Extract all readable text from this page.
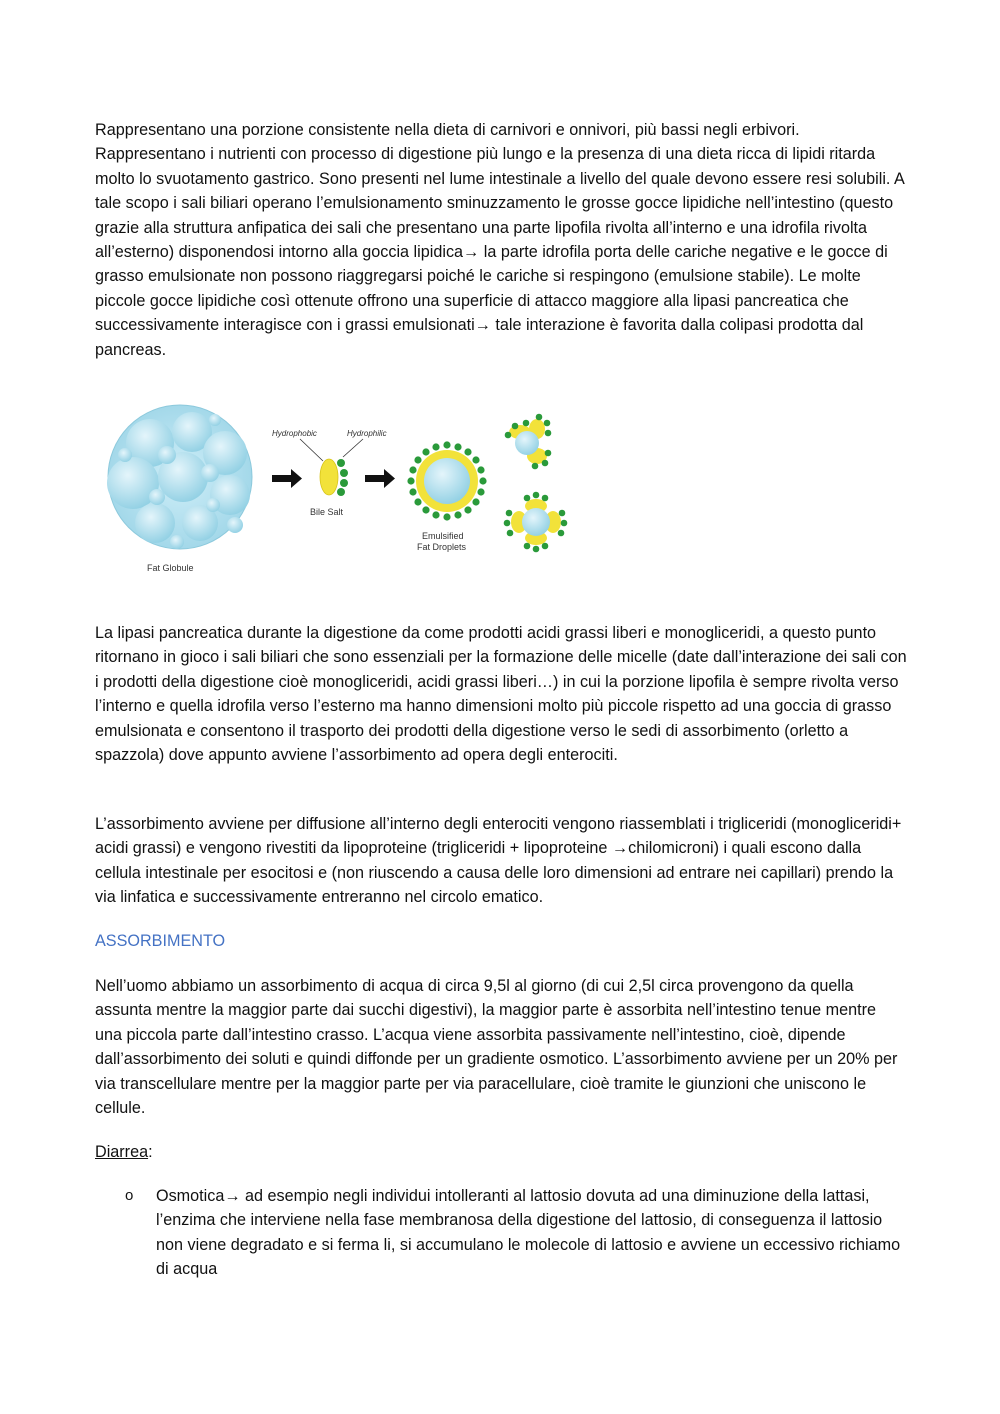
Rappresentano una porzione consistente nella dieta di carnivori e onnivori, più bassi negli erbivori. Rappresentano i nutrienti con processo di digestione più lungo e la presenza di una dieta ricca di lipidi ritarda molto lo svuotamento gastrico. Sono presenti nel lume intestinale a livello del quale devono essere resi solubili. A tale scopo i sali biliari operano l’emulsionamento sminuzzamento le grosse gocce lipidiche nell’intestino (questo grazie alla struttura anfipatica dei sali che presentano una parte lipofila rivolta all’interno e una idrofila rivolta all’esterno) disponendosi intorno alla goccia lipidica→ la parte idrofila porta delle cariche negative e le gocce di grasso emulsionate non possono riaggregarsi poiché le cariche si respingono (emulsione stabile). Le molte piccole gocce lipidiche così ottenute offrono una superficie di attacco maggiore alla lipasi pancreatica che successivamente interagisce con i grassi emulsionati→ tale interazione è favorita dalla colipasi prodotta dal pancreas.

Fat Globule
Hydrophobic	Hydrophilic
Bile Salt
Emulsified
Fat Droplets

La lipasi pancreatica durante la digestione da come prodotti acidi grassi liberi e monogliceridi, a questo punto ritornano in gioco i sali biliari che sono essenziali per la formazione delle micelle (date dall’interazione dei sali con i prodotti della digestione cioè monogliceridi, acidi grassi liberi…) in cui la porzione lipofila è sempre rivolta verso l’interno e quella idrofila verso l’esterno ma hanno dimensioni molto più piccole rispetto ad una goccia di grasso emulsionata e consentono il trasporto dei prodotti della digestione verso le sedi di assorbimento (orletto a spazzola) dove appunto avviene l’assorbimento ad opera degli enterociti.

L’assorbimento avviene per diffusione all’interno degli enterociti vengono riassemblati i trigliceridi (monogliceridi+ acidi grassi) e vengono rivestiti da lipoproteine (trigliceridi + lipoproteine →chilomicroni) i quali escono dalla cellula intestinale per esocitosi e (non riuscendo a causa delle loro dimensioni ad entrare nei capillari) prendo la via linfatica e successivamente entreranno nel circolo ematico.

ASSORBIMENTO

Nell’uomo abbiamo un assorbimento di acqua di circa 9,5l al giorno (di cui 2,5l circa provengono da quella assunta mentre la maggior parte dai succhi digestivi), la maggior parte è assorbita nell’intestino tenue mentre una piccola parte dall’intestino crasso. L’acqua viene assorbita passivamente nell’intestino, cioè, dipende dall’assorbimento dei soluti e quindi diffonde per un gradiente osmotico. L’assorbimento avviene per un 20% per via transcellulare mentre per la maggior parte per via paracellulare, cioè tramite le giunzioni che uniscono le cellule.

Diarrea:

o Osmotica→ ad esempio negli individui intolleranti al lattosio dovuta ad una diminuzione della lattasi, l’enzima che interviene nella fase membranosa della digestione del lattosio, di conseguenza il lattosio non viene degradato e si ferma li, si accumulano le molecole di lattosio e avviene un eccessivo richiamo di acqua
